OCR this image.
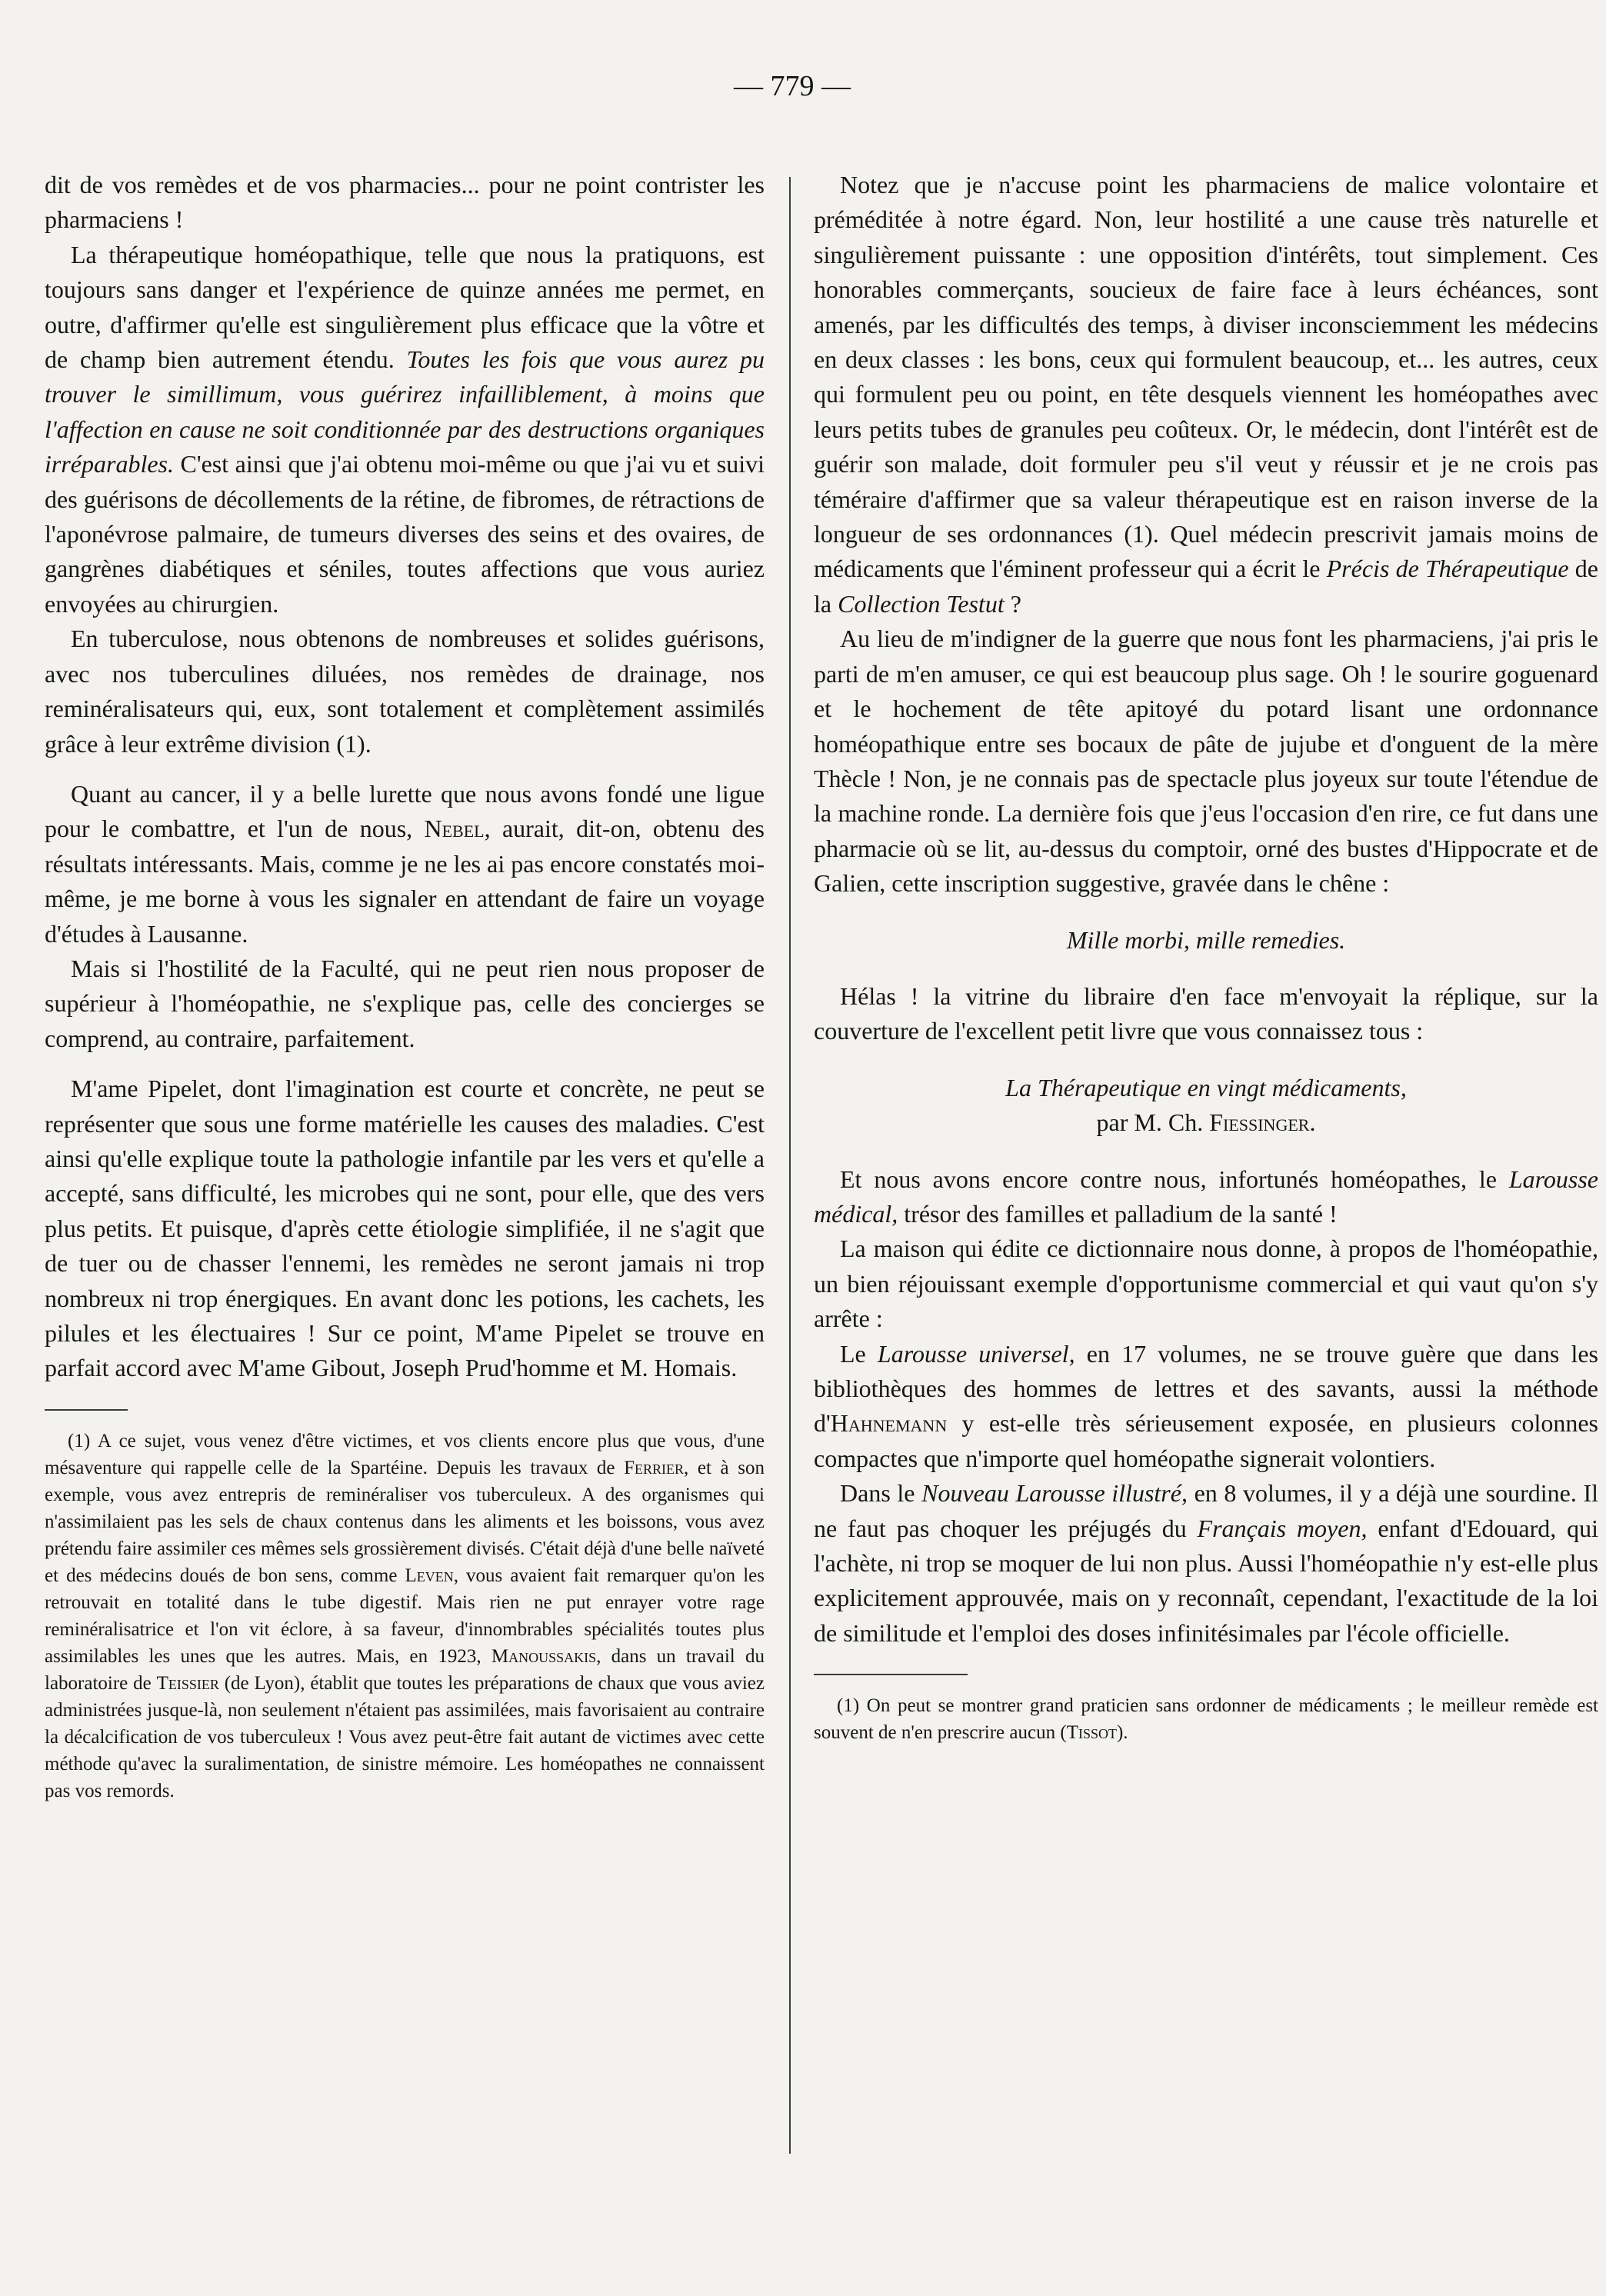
— 779 —

dit de vos remèdes et de vos pharmacies... pour ne point contrister les pharmaciens !

La thérapeutique homéopathique, telle que nous la pratiquons, est toujours sans danger et l'expérience de quinze années me permet, en outre, d'affirmer qu'elle est singulièrement plus efficace que la vôtre et de champ bien autrement étendu. Toutes les fois que vous aurez pu trouver le simillimum, vous guérirez infailliblement, à moins que l'affection en cause ne soit conditionnée par des destructions organiques irréparables. C'est ainsi que j'ai obtenu moi-même ou que j'ai vu et suivi des guérisons de décollements de la rétine, de fibromes, de rétractions de l'aponévrose palmaire, de tumeurs diverses des seins et des ovaires, de gangrènes diabétiques et séniles, toutes affections que vous auriez envoyées au chirurgien.

En tuberculose, nous obtenons de nombreuses et solides guérisons, avec nos tuberculines diluées, nos remèdes de drainage, nos reminéralisateurs qui, eux, sont totalement et complètement assimilés grâce à leur extrême division (1).

Quant au cancer, il y a belle lurette que nous avons fondé une ligue pour le combattre, et l'un de nous, Nebel, aurait, dit-on, obtenu des résultats intéressants. Mais, comme je ne les ai pas encore constatés moi-même, je me borne à vous les signaler en attendant de faire un voyage d'études à Lausanne.

Mais si l'hostilité de la Faculté, qui ne peut rien nous proposer de supérieur à l'homéopathie, ne s'explique pas, celle des concierges se comprend, au contraire, parfaitement.

M'ame Pipelet, dont l'imagination est courte et concrète, ne peut se représenter que sous une forme matérielle les causes des maladies. C'est ainsi qu'elle explique toute la pathologie infantile par les vers et qu'elle a accepté, sans difficulté, les microbes qui ne sont, pour elle, que des vers plus petits. Et puisque, d'après cette étiologie simplifiée, il ne s'agit que de tuer ou de chasser l'ennemi, les remèdes ne seront jamais ni trop nombreux ni trop énergiques. En avant donc les potions, les cachets, les pilules et les électuaires ! Sur ce point, M'ame Pipelet se trouve en parfait accord avec M'ame Gibout, Joseph Prud'homme et M. Homais.

(1) A ce sujet, vous venez d'être victimes, et vos clients encore plus que vous, d'une mésaventure qui rappelle celle de la Spartéine. Depuis les travaux de Ferrier, et à son exemple, vous avez entrepris de reminéraliser vos tuberculeux. A des organismes qui n'assimilaient pas les sels de chaux contenus dans les aliments et les boissons, vous avez prétendu faire assimiler ces mêmes sels grossièrement divisés. C'était déjà d'une belle naïveté et des médecins doués de bon sens, comme Leven, vous avaient fait remarquer qu'on les retrouvait en totalité dans le tube digestif. Mais rien ne put enrayer votre rage reminéralisatrice et l'on vit éclore, à sa faveur, d'innombrables spécialités toutes plus assimilables les unes que les autres. Mais, en 1923, Manoussakis, dans un travail du laboratoire de Teissier (de Lyon), établit que toutes les préparations de chaux que vous aviez administrées jusque-là, non seulement n'étaient pas assimilées, mais favorisaient au contraire la décalcification de vos tuberculeux ! Vous avez peut-être fait autant de victimes avec cette méthode qu'avec la suralimentation, de sinistre mémoire. Les homéopathes ne connaissent pas vos remords.

Notez que je n'accuse point les pharmaciens de malice volontaire et préméditée à notre égard. Non, leur hostilité a une cause très naturelle et singulièrement puissante : une opposition d'intérêts, tout simplement. Ces honorables commerçants, soucieux de faire face à leurs échéances, sont amenés, par les difficultés des temps, à diviser inconsciemment les médecins en deux classes : les bons, ceux qui formulent beaucoup, et... les autres, ceux qui formulent peu ou point, en tête desquels viennent les homéopathes avec leurs petits tubes de granules peu coûteux. Or, le médecin, dont l'intérêt est de guérir son malade, doit formuler peu s'il veut y réussir et je ne crois pas téméraire d'affirmer que sa valeur thérapeutique est en raison inverse de la longueur de ses ordonnances (1). Quel médecin prescrivit jamais moins de médicaments que l'éminent professeur qui a écrit le Précis de Thérapeutique de la Collection Testut ?

Au lieu de m'indigner de la guerre que nous font les pharmaciens, j'ai pris le parti de m'en amuser, ce qui est beaucoup plus sage. Oh ! le sourire goguenard et le hochement de tête apitoyé du potard lisant une ordonnance homéopathique entre ses bocaux de pâte de jujube et d'onguent de la mère Thècle ! Non, je ne connais pas de spectacle plus joyeux sur toute l'étendue de la machine ronde. La dernière fois que j'eus l'occasion d'en rire, ce fut dans une pharmacie où se lit, au-dessus du comptoir, orné des bustes d'Hippocrate et de Galien, cette inscription suggestive, gravée dans le chêne :

Mille morbi, mille remedies.

Hélas ! la vitrine du libraire d'en face m'envoyait la réplique, sur la couverture de l'excellent petit livre que vous connaissez tous :

La Thérapeutique en vingt médicaments,

par M. Ch. Fiessinger.

Et nous avons encore contre nous, infortunés homéopathes, le Larousse médical, trésor des familles et palladium de la santé !

La maison qui édite ce dictionnaire nous donne, à propos de l'homéopathie, un bien réjouissant exemple d'opportunisme commercial et qui vaut qu'on s'y arrête :

Le Larousse universel, en 17 volumes, ne se trouve guère que dans les bibliothèques des hommes de lettres et des savants, aussi la méthode d'Hahnemann y est-elle très sérieusement exposée, en plusieurs colonnes compactes que n'importe quel homéopathe signerait volontiers.

Dans le Nouveau Larousse illustré, en 8 volumes, il y a déjà une sourdine. Il ne faut pas choquer les préjugés du Français moyen, enfant d'Edouard, qui l'achète, ni trop se moquer de lui non plus. Aussi l'homéopathie n'y est-elle plus explicitement approuvée, mais on y reconnaît, cependant, l'exactitude de la loi de similitude et l'emploi des doses infinitésimales par l'école officielle.

(1) On peut se montrer grand praticien sans ordonner de médicaments ; le meilleur remède est souvent de n'en prescrire aucun (Tissot).
